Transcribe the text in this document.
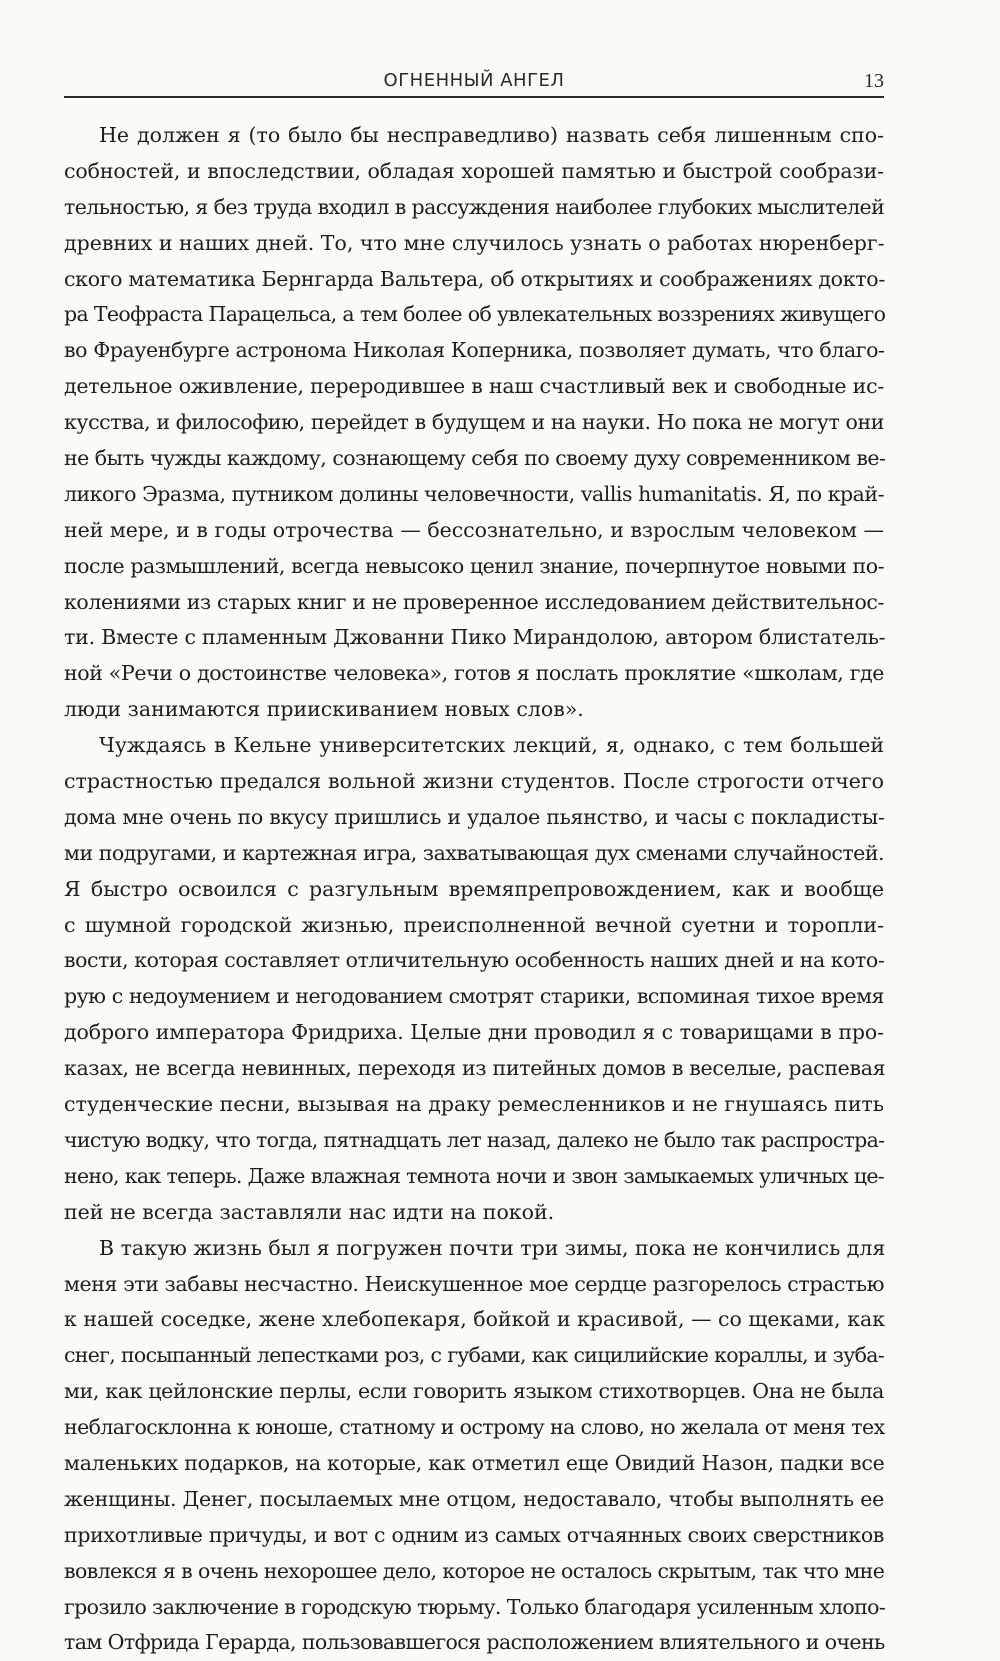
ОГНЕННЫЙ АНГЕЛ	13
Не должен я (то было бы несправедливо) назвать себя лишенным спо-
собностей, и впоследствии, обладая хорошей памятью и быстрой сообрази-
тельностью, я без труда входил в рассуждения наиболее глубоких мыслителей
древних и наших дней. То, что мне случилось узнать о работах нюренберг-
ского математика Бернгарда Вальтера, об открытиях и соображениях докто-
ра Теофраста Парацельса, а тем более об увлекательных воззрениях живущего
во Фрауенбурге астронома Николая Коперника, позволяет думать, что благо-
детельное оживление, переродившее в наш счастливый век и свободные ис-
кусства, и философию, перейдет в будущем и на науки. Но пока не могут они
не быть чужды каждому, сознающему себя по своему духу современником ве-
ликого Эразма, путником долины человечности, vallis humanitatis. Я, по край-
ней мере, и в годы отрочества — бессознательно, и взрослым человеком —
после размышлений, всегда невысоко ценил знание, почерпнутое новыми по-
колениями из старых книг и не проверенное исследованием действительнос-
ти. Вместе с пламенным Джованни Пико Мирандолою, автором блистатель-
ной «Речи о достоинстве человека», готов я послать проклятие «школам, где
люди занимаются приискиванием новых слов».
Чуждаясь в Кельне университетских лекций, я, однако, с тем большей
страстностью предался вольной жизни студентов. После строгости отчего
дома мне очень по вкусу пришлись и удалое пьянство, и часы с покладисты-
ми подругами, и картежная игра, захватывающая дух сменами случайностей.
Я быстро освоился с разгульным времяпрепровождением, как и вообще
с шумной городской жизнью, преисполненной вечной суетни и торопли-
вости, которая составляет отличительную особенность наших дней и на кото-
рую с недоумением и негодованием смотрят старики, вспоминая тихое время
доброго императора Фридриха. Целые дни проводил я с товарищами в про-
казах, не всегда невинных, переходя из питейных домов в веселые, распевая
студенческие песни, вызывая на драку ремесленников и не гнушаясь пить
чистую водку, что тогда, пятнадцать лет назад, далеко не было так распростра-
нено, как теперь. Даже влажная темнота ночи и звон замыкаемых уличных це-
пей не всегда заставляли нас идти на покой.
В такую жизнь был я погружен почти три зимы, пока не кончились для
меня эти забавы несчастно. Неискушенное мое сердце разгорелось страстью
к нашей соседке, жене хлебопекаря, бойкой и красивой, — со щеками, как
снег, посыпанный лепестками роз, с губами, как сицилийские кораллы, и зуба-
ми, как цейлонские перлы, если говорить языком стихотворцев. Она не была
неблагосклонна к юноше, статному и острому на слово, но желала от меня тех
маленьких подарков, на которые, как отметил еще Овидий Назон, падки все
женщины. Денег, посылаемых мне отцом, недоставало, чтобы выполнять ее
прихотливые причуды, и вот с одним из самых отчаянных своих сверстников
вовлекся я в очень нехорошее дело, которое не осталось скрытым, так что мне
грозило заключение в городскую тюрьму. Только благодаря усиленным хлопо-
там Отфрида Герарда, пользовавшегося расположением влиятельного и очень
